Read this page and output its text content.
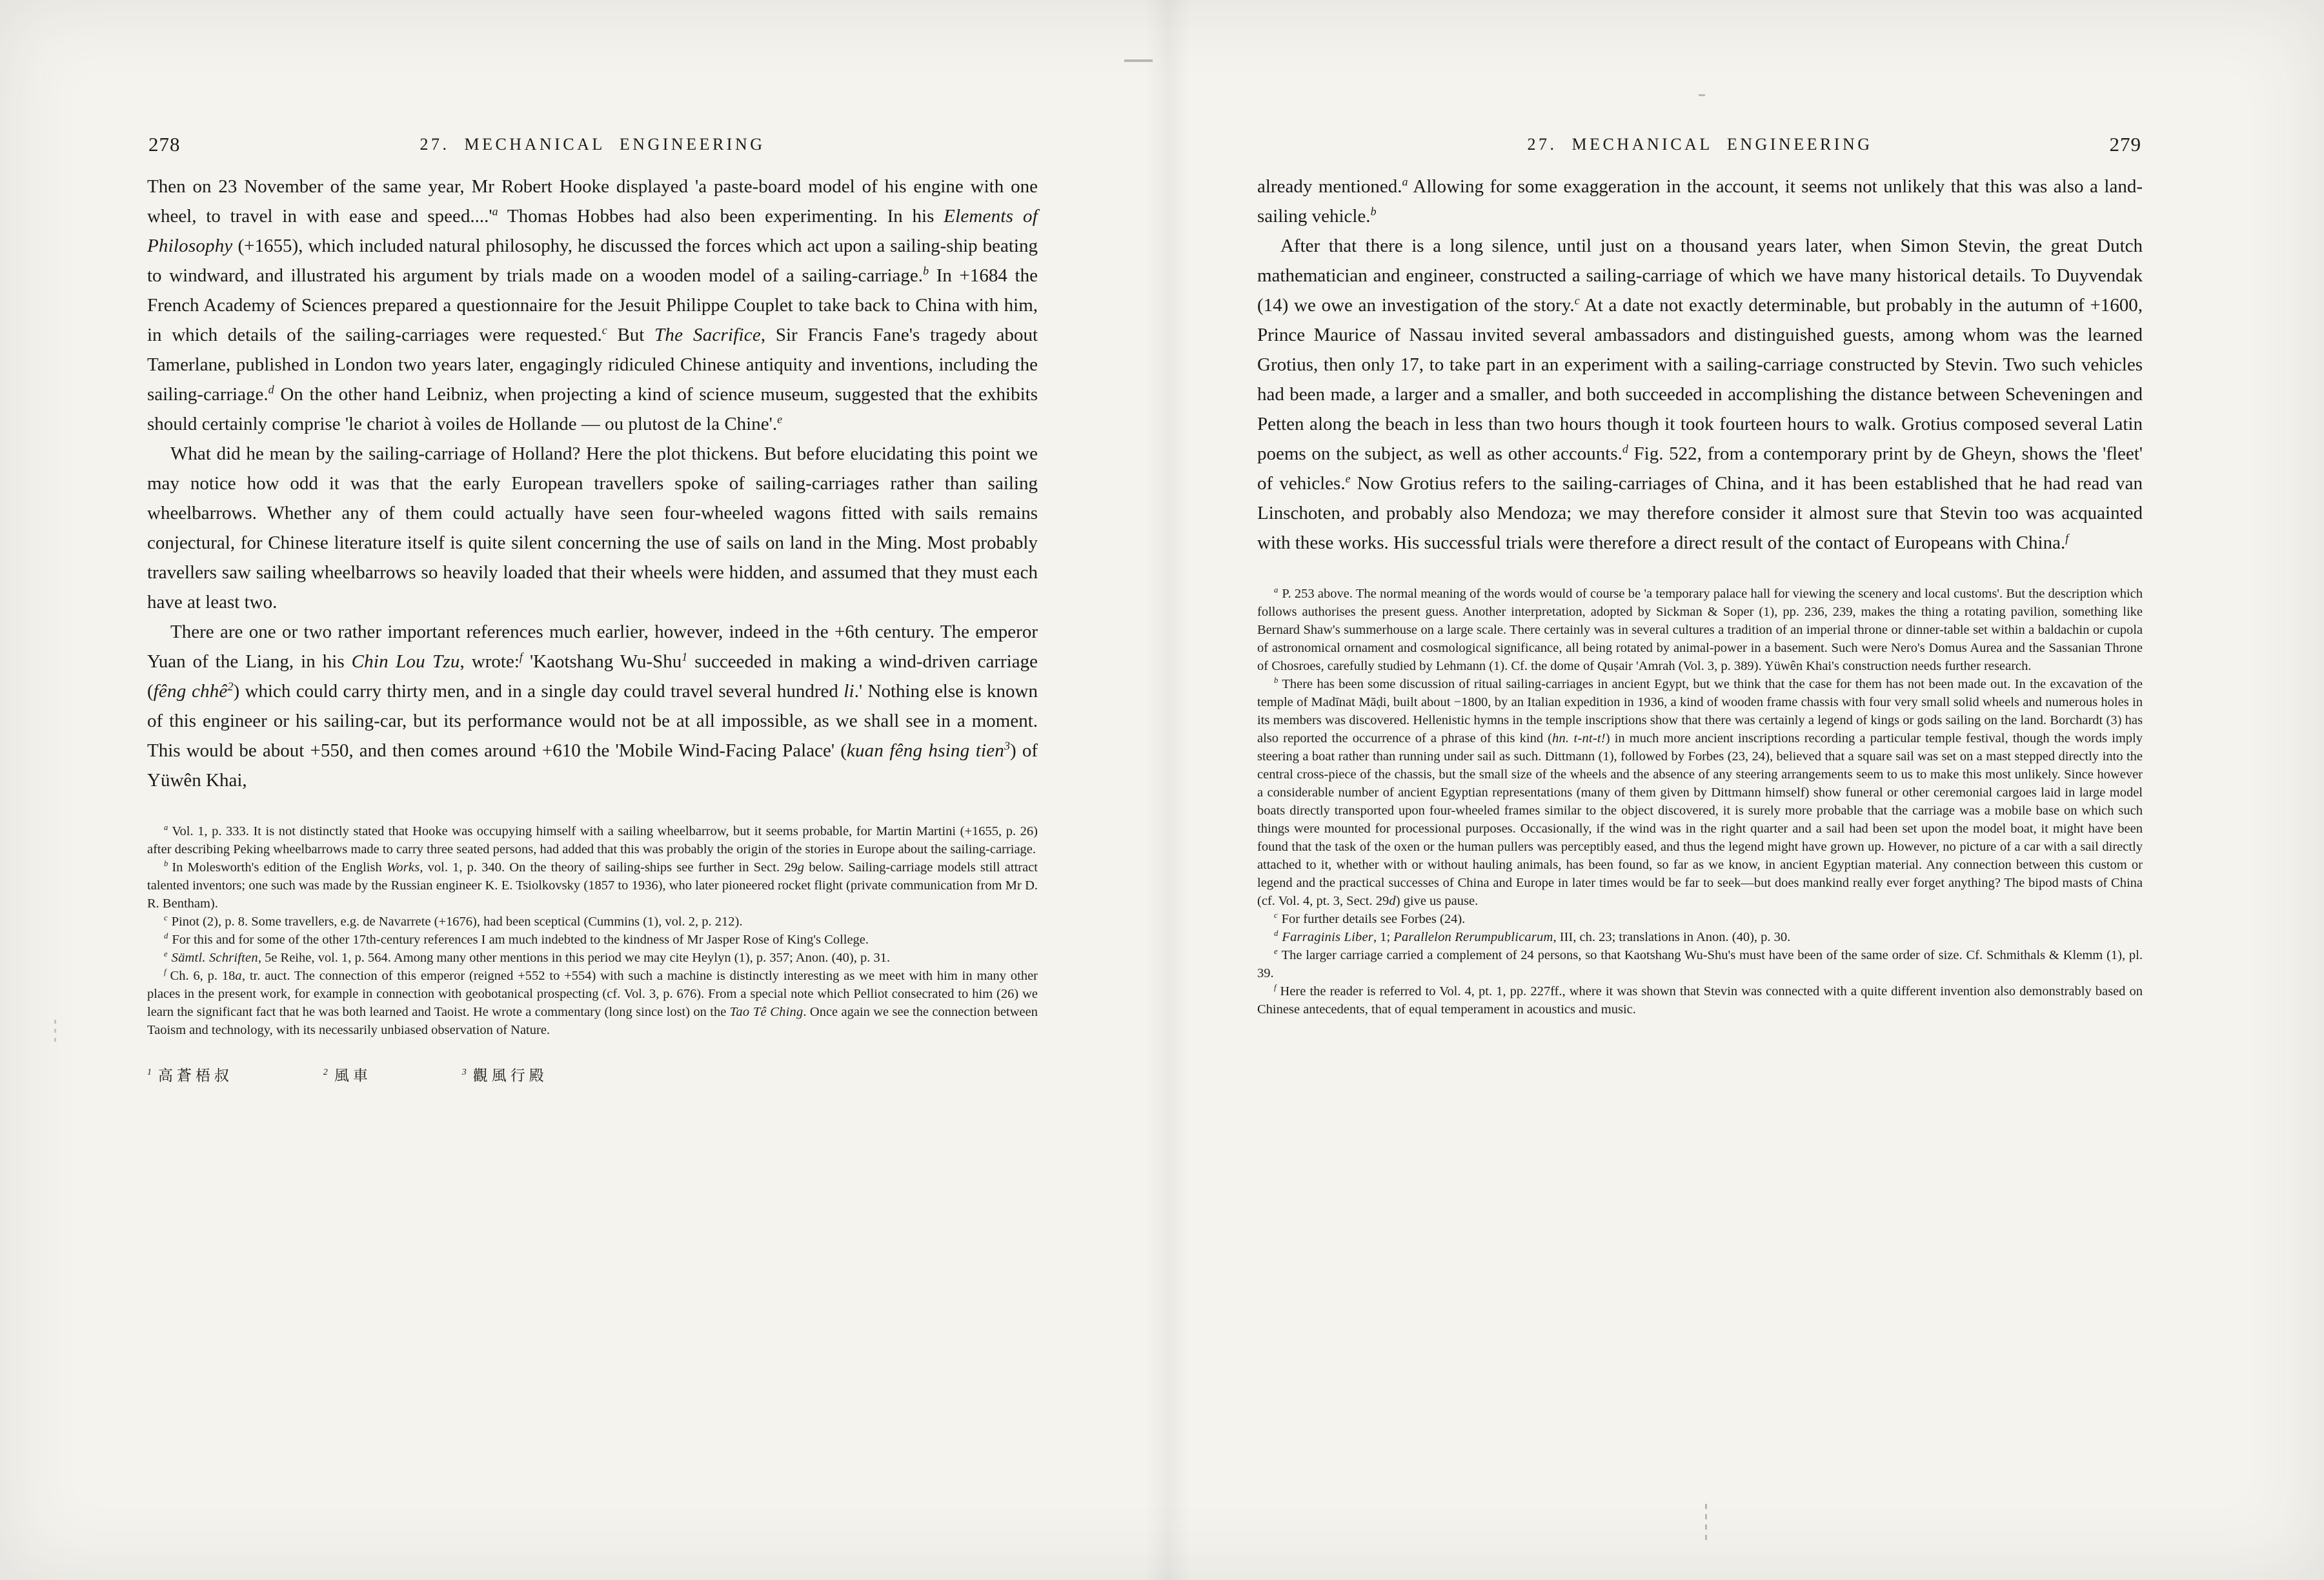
278	27. MECHANICAL ENGINEERING

Then on 23 November of the same year, Mr Robert Hooke displayed 'a paste-board model of his engine with one wheel, to travel in with ease and $speed....'^a$ Thomas Hobbes had also been experimenting. In his Elements of Philosophy (+1655), which included natural philosophy, he discussed the forces which act upon a sailing-ship beating to windward, and illustrated his argument by trials made on a wooden model of a sailing-carriage.$^b$ In +1684 the French Academy of Sciences prepared a questionnaire for the Jesuit Philippe Couplet to take back to China with him, in which details of the sailing-carriages were requested.$^c$ But The Sacrifice, Sir Francis Fane's tragedy about Tamerlane, published in London two years later, engagingly ridiculed Chinese antiquity and inventions, including the sailing-carriage.$^d$ On the other hand Leibniz, when projecting a kind of science museum, suggested that the exhibits should certainly comprise 'le chariot à voiles de Hollande — ou plutost de la Chine'.$^e$

What did he mean by the sailing-carriage of Holland? Here the plot thickens. But before elucidating this point we may notice how odd it was that the early European travellers spoke of sailing-carriages rather than sailing wheelbarrows. Whether any of them could actually have seen four-wheeled wagons fitted with sails remains conjectural, for Chinese literature itself is quite silent concerning the use of sails on land in the Ming. Most probably travellers saw sailing wheelbarrows so heavily loaded that their wheels were hidden, and assumed that they must each have at least two.

There are one or two rather important references much earlier, however, indeed in the +6th century. The emperor Yuan of the Liang, in his Chin Lou Tzu, wrote:$^f$ 'Kaotshang Wu-Shu$^1$ succeeded in making a wind-driven carriage (fêng chhê$^2$) which could carry thirty men, and in a single day could travel several hundred li.' Nothing else is known of this engineer or his sailing-car, but its performance would not be at all impossible, as we shall see in a moment. This would be about +550, and then comes around +610 the 'Mobile Wind-Facing Palace' (kuan fêng hsing tien$^3$) of Yüwên Khai,

$^a$ Vol. 1, p. 333. It is not distinctly stated that Hooke was occupying himself with a sailing wheelbarrow, but it seems probable, for Martin Martini (+1655, p. 26) after describing Peking wheelbarrows made to carry three seated persons, had added that this was probably the origin of the stories in Europe about the sailing-carriage.

$^b$ In Molesworth's edition of the English Works, vol. 1, p. 340. On the theory of sailing-ships see further in Sect. 29g below. Sailing-carriage models still attract talented inventors; one such was made by the Russian engineer K. E. Tsiolkovsky (1857 to 1936), who later pioneered rocket flight (private communication from Mr D. R. Bentham).

$^c$ Pinot (2), p. 8. Some travellers, e.g. de Navarrete (+1676), had been sceptical (Cummins (1), vol. 2, p. 212).

$^d$ For this and for some of the other 17th-century references I am much indebted to the kindness of Mr Jasper Rose of King's College.

$^e$ Sämtl. Schriften, 5e Reihe, vol. 1, p. 564. Among many other mentions in this period we may cite Heylyn (1), p. 357; Anon. (40), p. 31.

$^f$ Ch. 6, p. 18a, tr. auct. The connection of this emperor (reigned +552 to +554) with such a machine is distinctly interesting as we meet with him in many other places in the present work, for example in connection with geobotanical prospecting (cf. Vol. 3, p. 676). From a special note which Pelliot consecrated to him (26) we learn the significant fact that he was both learned and Taoist. He wrote a commentary (long since lost) on the Tao Tê Ching. Once again we see the connection between Taoism and technology, with its necessarily unbiased observation of Nature.

$^1$ 高蒼梧叔	$^2$ 風車	$^3$ 觀風行殿
27. MECHANICAL ENGINEERING	279

already mentioned.$^a$ Allowing for some exaggeration in the account, it seems not unlikely that this was also a land-sailing vehicle.$^b$

After that there is a long silence, until just on a thousand years later, when Simon Stevin, the great Dutch mathematician and engineer, constructed a sailing-carriage of which we have many historical details. To Duyvendak (14) we owe an investigation of the story.$^c$ At a date not exactly determinable, but probably in the autumn of +1600, Prince Maurice of Nassau invited several ambassadors and distinguished guests, among whom was the learned Grotius, then only 17, to take part in an experiment with a sailing-carriage constructed by Stevin. Two such vehicles had been made, a larger and a smaller, and both succeeded in accomplishing the distance between Scheveningen and Petten along the beach in less than two hours though it took fourteen hours to walk. Grotius composed several Latin poems on the subject, as well as other accounts.$^d$ Fig. 522, from a contemporary print by de Gheyn, shows the 'fleet' of vehicles.$^e$ Now Grotius refers to the sailing-carriages of China, and it has been established that he had read van Linschoten, and probably also Mendoza; we may therefore consider it almost sure that Stevin too was acquainted with these works. His successful trials were therefore a direct result of the contact of Europeans with China.$^f$

$^a$ P. 253 above. The normal meaning of the words would of course be 'a temporary palace hall for viewing the scenery and local customs'. But the description which follows authorises the present guess. Another interpretation, adopted by Sickman & Soper (1), pp. 236, 239, makes the thing a rotating pavilion, something like Bernard Shaw's summerhouse on a large scale. There certainly was in several cultures a tradition of an imperial throne or dinner-table set within a baldachin or cupola of astronomical ornament and cosmological significance, all being rotated by animal-power in a basement. Such were Nero's Domus Aurea and the Sassanian Throne of Chosroes, carefully studied by Lehmann (1). Cf. the dome of Quṣair 'Amrah (Vol. 3, p. 389). Yüwên Khai's construction needs further research.

$^b$ There has been some discussion of ritual sailing-carriages in ancient Egypt, but we think that the case for them has not been made out. In the excavation of the temple of Madīnat Māḍi, built about −1800, by an Italian expedition in 1936, a kind of wooden frame chassis with four very small solid wheels and numerous holes in its members was discovered. Hellenistic hymns in the temple inscriptions show that there was certainly a legend of kings or gods sailing on the land. Borchardt (3) has also reported the occurrence of a phrase of this kind (hn. t-nt-t!) in much more ancient inscriptions recording a particular temple festival, though the words imply steering a boat rather than running under sail as such. Dittmann (1), followed by Forbes (23, 24), believed that a square sail was set on a mast stepped directly into the central cross-piece of the chassis, but the small size of the wheels and the absence of any steering arrangements seem to us to make this most unlikely. Since however a considerable number of ancient Egyptian representations (many of them given by Dittmann himself) show funeral or other ceremonial cargoes laid in large model boats directly transported upon four-wheeled frames similar to the object discovered, it is surely more probable that the carriage was a mobile base on which such things were mounted for processional purposes. Occasionally, if the wind was in the right quarter and a sail had been set upon the model boat, it might have been found that the task of the oxen or the human pullers was perceptibly eased, and thus the legend might have grown up. However, no picture of a car with a sail directly attached to it, whether with or without hauling animals, has been found, so far as we know, in ancient Egyptian material. Any connection between this custom or legend and the practical successes of China and Europe in later times would be far to seek—but does mankind really ever forget anything? The bipod masts of China (cf. Vol. 4, pt. 3, Sect. 29d) give us pause.

$^c$ For further details see Forbes (24).

$^d$ Farraginis Liber, 1; Parallelon Rerumpublicarum, III, ch. 23; translations in Anon. (40), p. 30.

$^e$ The larger carriage carried a complement of 24 persons, so that Kaotshang Wu-Shu's must have been of the same order of size. Cf. Schmithals & Klemm (1), pl. 39.

$^f$ Here the reader is referred to Vol. 4, pt. 1, pp. 227ff., where it was shown that Stevin was connected with a quite different invention also demonstrably based on Chinese antecedents, that of equal temperament in acoustics and music.
